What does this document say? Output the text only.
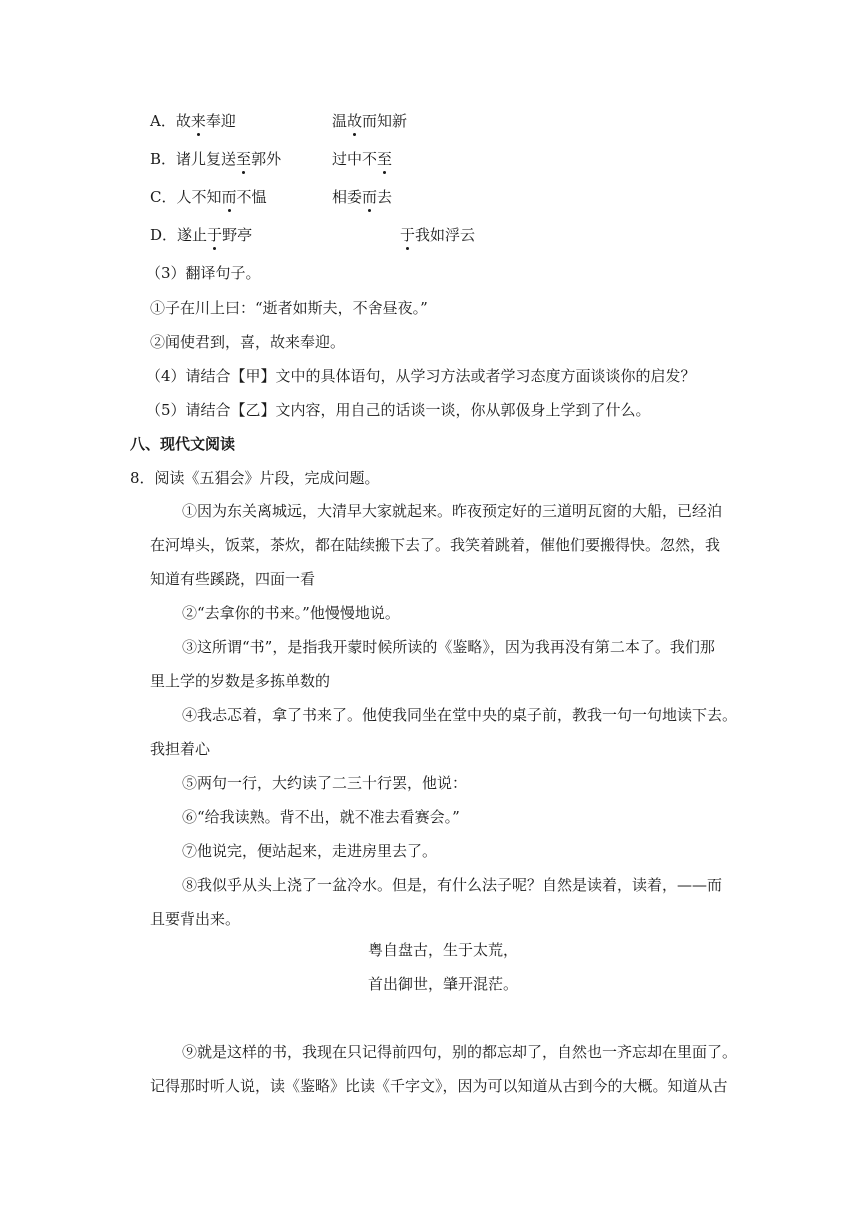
A．故来奉迎	温故而知新
B．诸儿复送至郭外	过中不至
C．人不知而不愠	相委而去
D．遂止于野亭	于我如浮云
（3）翻译句子。
①子在川上曰：“逝者如斯夫，不舍昼夜。”
②闻使君到，喜，故来奉迎。
（4）请结合【甲】文中的具体语句，从学习方法或者学习态度方面谈谈你的启发？
（5）请结合【乙】文内容，用自己的话谈一谈，你从郭伋身上学到了什么。
八、现代文阅读
8．阅读《五猖会》片段，完成问题。
①因为东关离城远，大清早大家就起来。昨夜预定好的三道明瓦窗的大船，已经泊
在河埠头，饭菜，茶炊，都在陆续搬下去了。我笑着跳着，催他们要搬得快。忽然，我
知道有些蹊跷，四面一看
②“去拿你的书来。”他慢慢地说。
③这所谓“书”，是指我开蒙时候所读的《鉴略》，因为我再没有第二本了。我们那
里上学的岁数是多拣单数的
④我忐忑着，拿了书来了。他使我同坐在堂中央的桌子前，教我一句一句地读下去。
我担着心
⑤两句一行，大约读了二三十行罢，他说：
⑥“给我读熟。背不出，就不准去看赛会。”
⑦他说完，便站起来，走进房里去了。
⑧我似乎从头上浇了一盆冷水。但是，有什么法子呢？自然是读着，读着，——而
且要背出来。
粤自盘古，生于太荒，
首出御世，肇开混茫。
⑨就是这样的书，我现在只记得前四句，别的都忘却了，自然也一齐忘却在里面了。
记得那时听人说，读《鉴略》比读《千字文》，因为可以知道从古到今的大概。知道从古
